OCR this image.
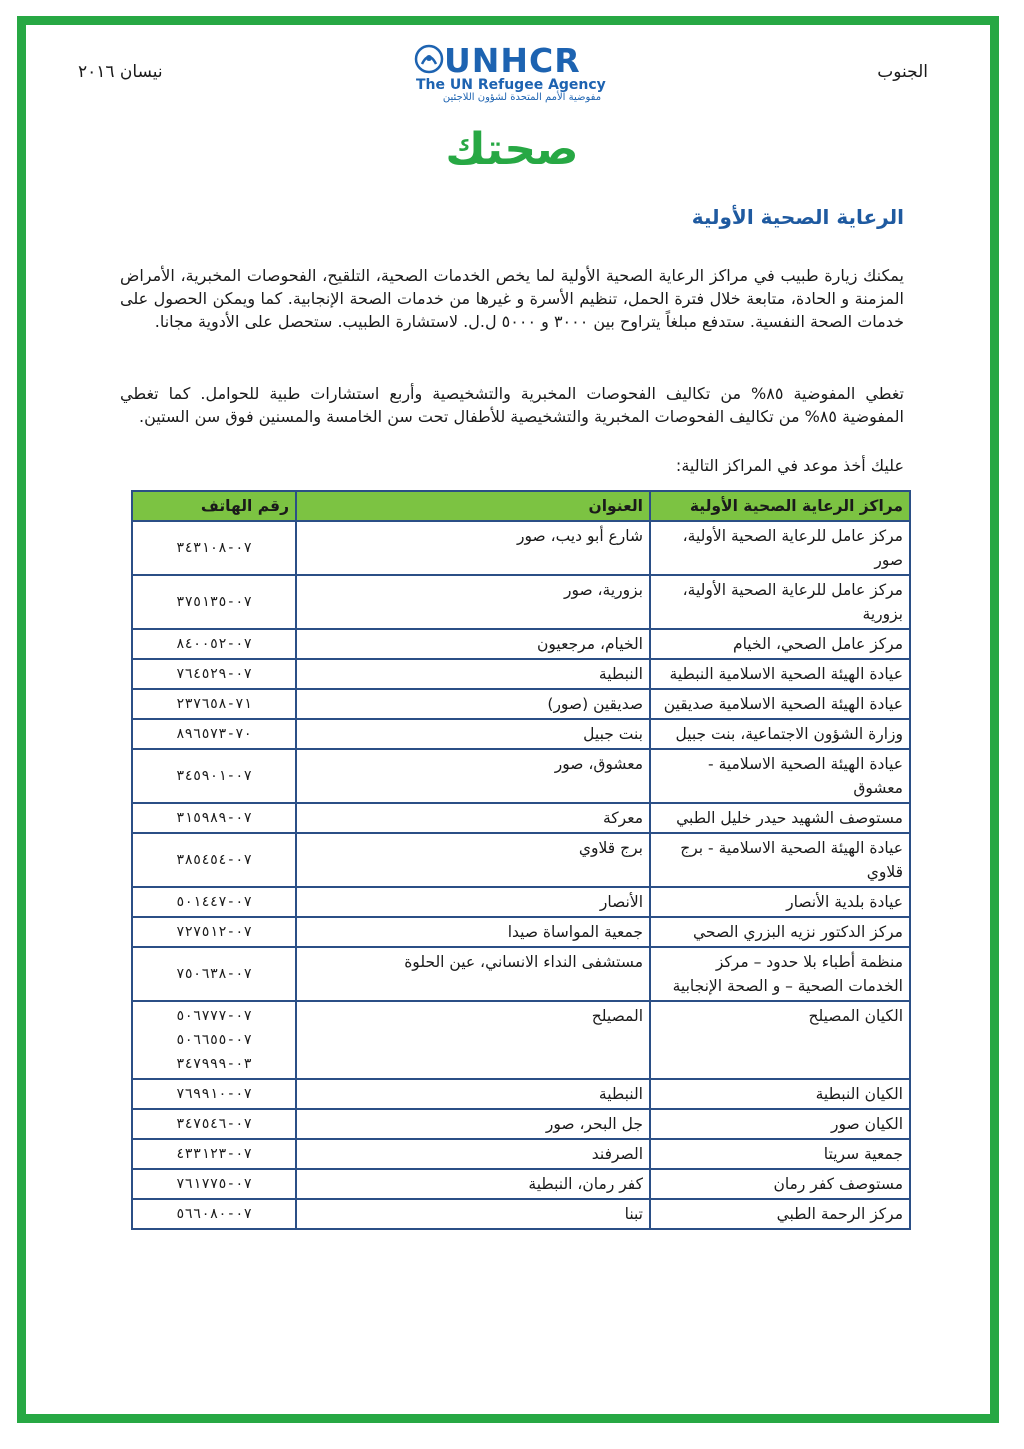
الجنوب
نيسان ٢٠١٦	UNHCR
The UN Refugee Agency
مفوضية الأمم المتحدة لشؤون اللاجئين
صحتك
الرعاية الصحية الأولية
يمكنك زيارة طبيب في مراكز الرعاية الصحية الأولية لما يخص الخدمات الصحية، التلقيح، الفحوصات المخبرية، الأمراض المزمنة و الحادة، متابعة خلال فترة الحمل، تنظيم الأسرة و غيرها من خدمات الصحة الإنجابية. كما ويمكن الحصول على خدمات الصحة النفسية. ستدفع مبلغاً يتراوح بين ٣٠٠٠ و ٥٠٠٠ ل.ل. لاستشارة الطبيب. ستحصل على الأدوية مجانا.
تغطي المفوضية ٨٥% من تكاليف الفحوصات المخبرية والتشخيصية وأربع استشارات طبية للحوامل. كما تغطي المفوضية ٨٥% من تكاليف الفحوصات المخبرية والتشخيصية للأطفال تحت سن الخامسة والمسنين فوق سن الستين.
عليك أخذ موعد في المراكز التالية:
مراكز الرعاية الصحية الأولية	العنوان	رقم الهاتف
مركز عامل للرعاية الصحية الأولية، صور	شارع أبو ديب، صور	٠٧-٣٤٣١٠٨

مركز عامل للرعاية الصحية الأولية، بزورية	بزورية، صور	٠٧-٣٧٥١٣٥

مركز عامل الصحي، الخيام	الخيام، مرجعيون	٠٧-٨٤٠٠٥٢

عيادة الهيئة الصحية الاسلامية النبطية	النبطية	٠٧-٧٦٤٥٢٩

عيادة الهيئة الصحية الاسلامية صديقين	صديقين (صور)	٧١-٢٣٧٦٥٨

وزارة الشؤون الاجتماعية، بنت جبيل	بنت جبيل	٧٠-٨٩٦٥٧٣

عيادة الهيئة الصحية الاسلامية - معشوق	معشوق، صور	٠٧-٣٤٥٩٠١

مستوصف الشهيد حيدر خليل الطبي	معركة	٠٧-٣١٥٩٨٩

عيادة الهيئة الصحية الاسلامية - برج قلاوي	برج قلاوي	٠٧-٣٨٥٤٥٤

عيادة بلدية الأنصار	الأنصار	٠٧-٥٠١٤٤٧

مركز الدكتور نزيه البزري الصحي	جمعية المواساة صيدا	٠٧-٧٢٧٥١٢

منظمة أطباء بلا حدود – مركز الخدمات الصحية – و الصحة الإنجابية	مستشفى النداء الانساني، عين الحلوة	٠٧-٧٥٠٦٣٨

الكيان المصيلح	المصيلح	٠٧-٥٠٦٧٧٧
٠٧-٥٠٦٦٥٥
٠٣-٣٤٧٩٩٩

الكيان النبطية	النبطية	٠٧-٧٦٩٩١٠

الكيان صور	جل البحر، صور	٠٧-٣٤٧٥٤٦

جمعية سريتا	الصرفند	٠٧-٤٣٣١٢٣

مستوصف كفر رمان	كفر رمان، النبطية	٠٧-٧٦١٧٧٥

مركز الرحمة الطبي	تبنا	٠٧-٥٦٦٠٨٠
